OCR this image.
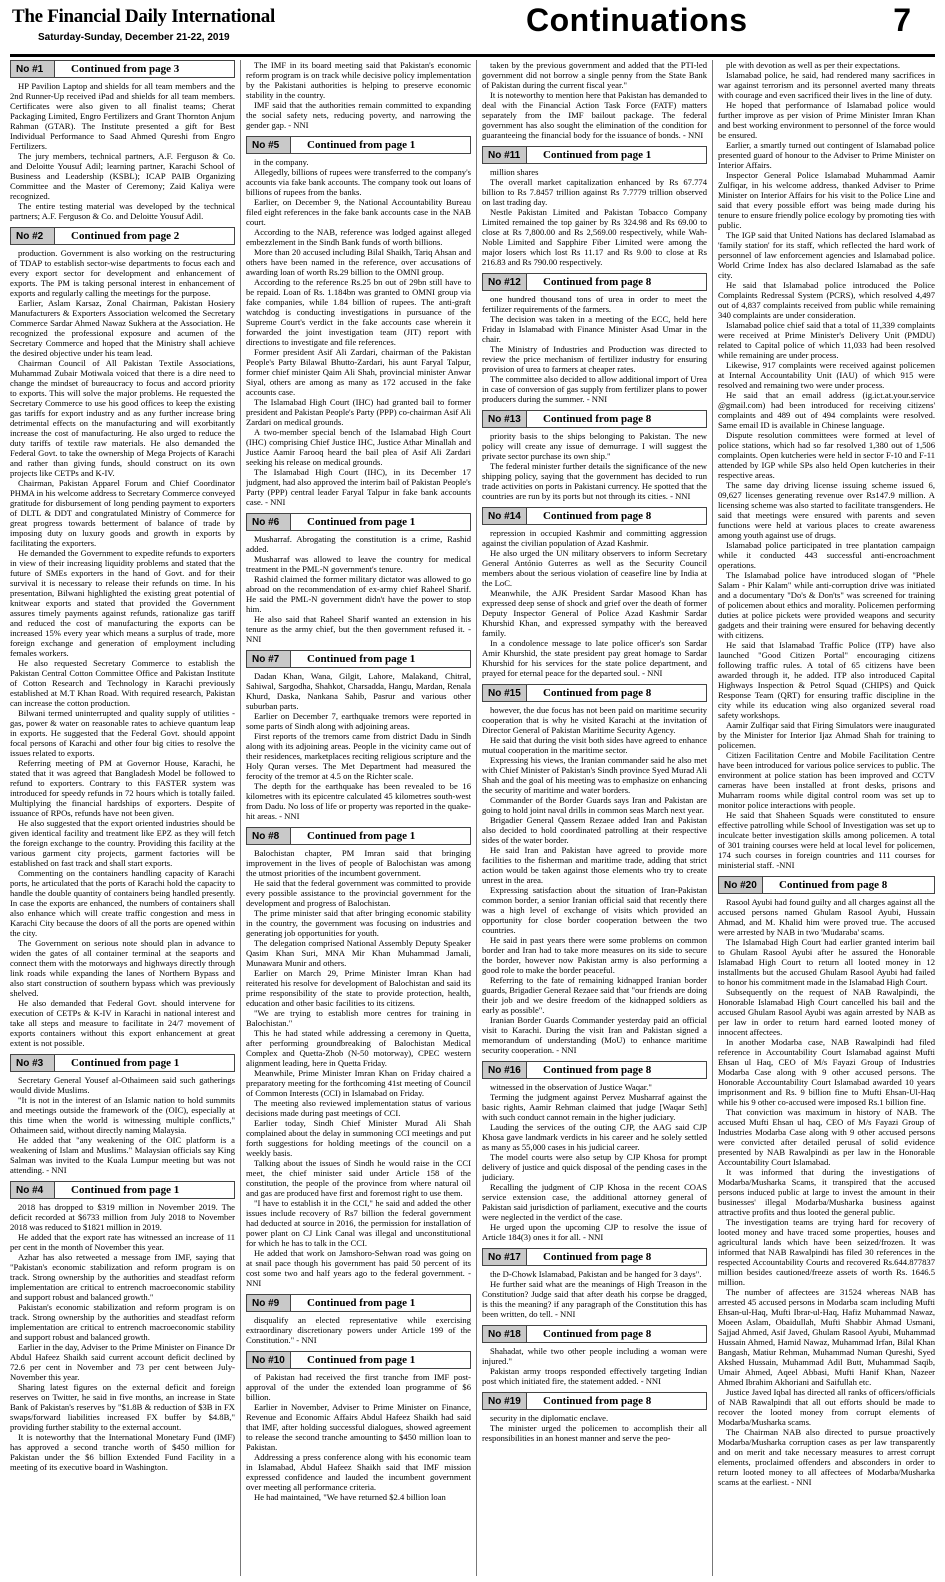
The Financial Daily International
Saturday-Sunday, December 21-22, 2019	Continuations	7
No #1	Continued from page 3

HP Pavilion Laptop and shields for all team members and the 2nd Runner-Up received iPad and shields for all team members. Certificates were also given to all finalist teams; Cherat Packaging Limited, Engro Fertilizers and Grant Thornton Anjum Rahman (GTAR). The Institute presented a gift for Best Individual Performance to Saad Ahmed Qureshi from Engro Fertilizers.

The jury members, technical partners, A.F. Ferguson & Co. and Deloitte Yousuf Adil; learning partner, Karachi School of Business and Leadership (KSBL); ICAP PAIB Organizing Committee and the Master of Ceremony; Zaid Kaliya were recognized.

The entire testing material was developed by the technical partners; A.F. Ferguson & Co. and Deloitte Yousuf Adil.

No #2	Continued from page 2

production. Government is also working on the restructuring of TDAP to establish sector-wise departments to focus each and every export sector for development and enhancement of exports. The PM is taking personal interest in enhancement of exports and regularly calling the meetings for the purpose.

Earlier, Aslam Karsaz, Zonal Chairman, Pakistan Hosiery Manufacturers & Exporters Association welcomed the Secretary Commerce Sardar Ahmed Nawaz Sukhera at the Association. He recognized the professional exposure and acumen of the Secretary Commerce and hoped that the Ministry shall achieve the desired objective under his team lead.

Chairman Council of All Pakistan Textile Associations, Muhammad Zubair Motiwala voiced that there is a dire need to change the mindset of bureaucracy to focus and accord priority to exports. This will solve the major problems. He requested the Secretary Commerce to use his good offices to keep the existing gas tariffs for export industry and as any further increase bring detrimental effects on the manufacturing and will exorbitantly increase the cost of manufacturing. He also urged to reduce the duty tariffs of textile raw materials. He also demanded the Federal Govt. to take the ownership of Mega Projects of Karachi and rather than giving funds, should construct on its own projects like CETPs and K-IV.

Chairman, Pakistan Apparel Forum and Chief Coordinator PHMA in his welcome address to Secretary Commerce conveyed gratitude for disbursement of long pending payment to exporters of DLTL & DDT and congratulated Ministry of Commerce for great progress towards betterment of balance of trade by imposing duty on luxury goods and growth in exports by facilitating the exporters.

He demanded the Government to expedite refunds to exporters in view of their increasing liquidity problems and stated that the future of SMEs exporters in the hand of Govt. and for their survival it is necessary to release their refunds on time. In his presentation, Bilwani highlighted the existing great potential of knitwear exports and stated that provided the Government assures timely payments against refunds, rationalize gas tariff and reduced the cost of manufacturing the exports can be increased 15% every year which means a surplus of trade, more foreign exchange and generation of employment including females workers.

He also requested Secretary Commerce to establish the Pakistan Central Cotton Committee Office and Pakistan Institute of Cotton Research and Technology in Karachi previously established at M.T Khan Road. With required research, Pakistan can increase the cotton production.

Bilwani termed uninterrupted and quality supply of utilities - gas, power & water on reasonable rates to achieve quantum leap in exports. He suggested that the Federal Govt. should appoint focal persons of Karachi and other four big cities to resolve the issues related to exports.

Referring meeting of PM at Governor House, Karachi, he stated that it was agreed that Bangladesh Model be followed to refund to exporters. Contrary to this FASTER system was introduced for speedy refunds in 72 hours which is totally failed. Multiplying the financial hardships of exporters. Despite of issuance of RPOs, refunds have not been given.

He also suggested that the export oriented industries should be given identical facility and treatment like EPZ as they will fetch the foreign exchange to the country. Providing this facility at the various garment city projects, garment factories will be established on fast track and shall start exports.

Commenting on the containers handling capacity of Karachi ports, he articulated that the ports of Karachi hold the capacity to handle the double quantity of containers being handled presently. In case the exports are enhanced, the numbers of containers shall also enhance which will create traffic congestion and mess in Karachi City because the doors of all the ports are opened within the city.

The Government on serious note should plan in advance to widen the gates of all container terminal at the seaports and connect them with the motorways and highways directly through link roads while expanding the lanes of Northern Bypass and also start construction of southern bypass which was previously shelved.

He also demanded that Federal Govt. should intervene for execution of CETPs & K-IV in Karachi in national interest and take all steps and measure to facilitate in 24/7 movement of exports containers without this export enhancement at great extent is not possible.

No #3	Continued from page 1

Secretary General Yousef al-Othaimeen said such gatherings would divide Muslims.

"It is not in the interest of an Islamic nation to hold summits and meetings outside the framework of the (OIC), especially at this time when the world is witnessing multiple conflicts," Othaimeen said, without directly naming Malaysia.

He added that "any weakening of the OIC platform is a weakening of Islam and Muslims." Malaysian officials say King Salman was invited to the Kuala Lumpur meeting but was not attending. - NNI

No #4	Continued from page 1

2018 has dropped to $319 million in November 2019. The deficit recorded at $6733 million from July 2018 to November 2018 was reduced to $1821 million in 2019.

He added that the export rate has witnessed an increase of 11 per cent in the month of November this year.

Azhar has also retweeted a message from IMF, saying that "Pakistan's economic stabilization and reform program is on track. Strong ownership by the authorities and steadfast reform implementation are critical to entrench macroeconomic stability and support robust and balanced growth."

Pakistan's economic stabilization and reform program is on track. Strong ownership by the authorities and steadfast reform implementation are critical to entrench macroeconomic stability and support robust and balanced growth.

Earlier in the day, Adviser to the Prime Minister on Finance Dr Abdul Hafeez Shaikh said current account deficit declined by 72.6 per cent in November and 73 per cent between July-November this year.

Sharing latest figures on the external deficit and foreign reserves on Twitter, he said in five months, an increase in State Bank of Pakistan's reserves by "$1.8B & reduction of $3B in FX swaps/forward liabilities increased FX buffer by $4.8B," providing further stability to the external account.

It is noteworthy that the International Monetary Fund (IMF) has approved a second tranche worth of $450 million for Pakistan under the $6 billion Extended Fund Facility in a meeting of its executive board in Washington.

The IMF in its board meeting said that Pakistan's economic reform program is on track while decisive policy implementation by the Pakistani authorities is helping to preserve economic stability in the country.

IMF said that the authorities remain committed to expanding the social safety nets, reducing poverty, and narrowing the gender gap. - NNI

No #5	Continued from page 1

in the company.

Allegedly, billions of rupees were transferred to the company's accounts via fake bank accounts. The company took out loans of billions of rupees from the banks.

Earlier, on December 9, the National Accountability Bureau filed eight references in the fake bank accounts case in the NAB court.

According to the NAB, reference was lodged against alleged embezzlement in the Sindh Bank funds of worth billions.

More than 20 accused including Bilal Shaikh, Tariq Ahsan and others have been named in the reference, over accusations of awarding loan of worth Rs.29 billion to the OMNI group.

According to the reference Rs.25 bn out of 29bn still have to be repaid. Loan of Rs. 1.184bn was granted to OMNI group via fake companies, while 1.84 billion of rupees. The anti-graft watchdog is conducting investigations in pursuance of the Supreme Court's verdict in the fake accounts case wherein it forwarded the joint investigation team (JIT) report with directions to investigate and file references.

Former president Asif Ali Zardari, chairman of the Pakistan People's Party Bilawal Bhutto-Zardari, his aunt Faryal Talpur, former chief minister Qaim Ali Shah, provincial minister Anwar Siyal, others are among as many as 172 accused in the fake accounts case.

The Islamabad High Court (IHC) had granted bail to former president and Pakistan People's Party (PPP) co-chairman Asif Ali Zardari on medical grounds.

A two-member special bench of the Islamabad High Court (IHC) comprising Chief Justice IHC, Justice Athar Minallah and Justice Aamir Farooq heard the bail plea of Asif Ali Zardari seeking his release on medical grounds.

The Islamabad High Court (IHC), in its December 17 judgment, had also approved the interim bail of Pakistan People's Party (PPP) central leader Faryal Talpur in fake bank accounts case. - NNI

No #6	Continued from page 1

Musharraf. Abrogating the constitution is a crime, Rashid added.

Musharraf was allowed to leave the country for medical treatment in the PML-N government's tenure.

Rashid claimed the former military dictator was allowed to go abroad on the recommendation of ex-army chief Raheel Sharif. He said the PML-N government didn't have the power to stop him.

He also said that Raheel Sharif wanted an extension in his tenure as the army chief, but the then government refused it. - NNI

No #7	Continued from page 1

Dadan Khan, Wana, Gilgit, Lahore, Malakand, Chitral, Sahiwal, Sargodha, Shahkot, Charsadda, Hangu, Mardan, Renala Khurd, Daska, Nankana Sahib, Pasrur and various other suburban parts.

Earlier on December 7, earthquake tremors were reported in some parts of Sindh along with adjoining areas.

First reports of the tremors came from district Dadu in Sindh along with its adjoining areas. People in the vicinity came out of their residences, marketplaces reciting religious scripture and the Holy Quran verses. The Met Department had measured the ferocity of the tremor at 4.5 on the Richter scale.

The depth for the earthquake has been revealed to be 16 kilometres with its epicentre calculated 45 kilometres south-west from Dadu. No loss of life or property was reported in the quake-hit areas. - NNI

No #8	Continued from page 1

Balochistan chapter, PM Imran said that bringing improvement in the lives of people of Balochistan was among the utmost priorities of the incumbent government.

He said that the federal government was committed to provide every possible assistance to the provincial government for the development and progress of Balochistan.

The prime minister said that after bringing economic stability in the country, the government was focusing on industries and generating job opportunities for youth.

The delegation comprised National Assembly Deputy Speaker Qasim Khan Suri, MNA Mir Khan Muhammad Jamali, Munawara Munir and others.

Earlier on March 29, Prime Minister Imran Khan had reiterated his resolve for development of Balochistan and said its prime responsibility of the state to provide protection, health, education and other basic facilities to its citizens.

"We are trying to establish more centres for training in Balochistan."

This he had stated while addressing a ceremony in Quetta, after performing groundbreaking of Balochistan Medical Complex and Quetta-Zhob (N-50 motorway), CPEC western alignment leading, here in Quetta Friday.

Meanwhile, Prime Minister Imran Khan on Friday chaired a preparatory meeting for the forthcoming 41st meeting of Council of Common Interests (CCI) in Islamabad on Friday.

The meeting also reviewed implementation status of various decisions made during past meetings of CCI.

Earlier today, Sindh Chief Minister Murad Ali Shah complained about the delay in summoning CCI meetings and put forth suggestions for holding meetings of the council on a weekly basis.

Talking about the issues of Sindh he would raise in the CCI meet, the chief minister said under Article 158 of the constitution, the people of the province from where natural oil and gas are produced have first and foremost right to use them.

"I have to establish it in the CCI," he said and added the other issues include recovery of Rs7 billion the federal government had deducted at source in 2016, the permission for installation of power plant on CJ Link Canal was illegal and unconstitutional for which he has to talk in the CCI.

He added that work on Jamshoro-Sehwan road was going on at snail pace though his government has paid 50 percent of its cost some two and half years ago to the federal government. - NNI

No #9	Continued from page 1

disqualify an elected representative while exercising extraordinary discretionary powers under Article 199 of the Constitution." - NNI

No #10	Continued from page 1

of Pakistan had received the first tranche from IMF post-approval of the under the extended loan programme of $6 billion.

Earlier in November, Adviser to Prime Minister on Finance, Revenue and Economic Affairs Abdul Hafeez Shaikh had said that IMF, after holding successful dialogues, showed agreement to release the second tranche amounting to $450 million loan to Pakistan.

Addressing a press conference along with his economic team in Islamabad, Abdul Hafeez Shaikh said that IMF mission expressed confidence and lauded the incumbent government over meeting all performance criteria.

He had maintained, "We have returned $2.4 billion loan

taken by the previous government and added that the PTI-led government did not borrow a single penny from the State Bank of Pakistan during the current fiscal year."

It is noteworthy to mention here that Pakistan has demanded to deal with the Financial Action Task Force (FATF) matters separately from the IMF bailout package. The federal government has also sought the elimination of the condition for guaranteeing the financial body for the issuance of bonds. - NNI

No #11	Continued from page 1

million shares

The overall market capitalization enhanced by Rs 67.774 billion to Rs 7.8457 trillion against Rs 7.7779 trillion observed on last trading day.

Nestle Pakistan Limited and Pakistan Tobacco Company Limited remained the top gainer by Rs 324.98 and Rs 69.00 to close at Rs 7,800.00 and Rs 2,569.00 respectively, while Wah-Noble Limited and Sapphire Fiber Limited were among the major losers which lost Rs 11.17 and Rs 9.00 to close at Rs 216.83 and Rs 790.00 respectively.

No #12	Continued from page 8

one hundred thousand tons of urea in order to meet the fertilizer requirements of the farmers.

The decision was taken in a meeting of the ECC, held here Friday in Islamabad with Finance Minister Asad Umar in the chair.

The Ministry of Industries and Production was directed to review the price mechanism of fertilizer industry for ensuring provision of urea to farmers at cheaper rates.

The committee also decided to allow additional import of Urea in case of conversion of gas supply from fertilizer plans to power producers during the summer. - NNI

No #13	Continued from page 8

priority basis to the ships belonging to Pakistan. The new policy will create any issue of demurrage. I will suggest the private sector purchase its own ship."

The federal minister further details the significance of the new shipping policy, saying that the government has decided to run trade activities on ports in Pakistani currency. He spotted that the countries are run by its ports but not through its cities. - NNI

No #14	Continued from page 8

repression in occupied Kashmir and committing aggression against the civilian population of Azad Kashmir.

He also urged the UN military observers to inform Secretary General António Guterres as well as the Security Council members about the serious violation of ceasefire line by India at the LoC.

Meanwhile, the AJK President Sardar Masood Khan has expressed deep sense of shock and grief over the death of former Deputy Inspector General of Police Azad Kashmir Sardar Khurshid Khan, and expressed sympathy with the bereaved family.

In a condolence message to late police officer's son Sardar Amir Khurshid, the state president pay great homage to Sardar Khurshid for his services for the state police department, and prayed for eternal peace for the departed soul. - NNI

No #15	Continued from page 8

however, the due focus has not been paid on maritime security cooperation that is why he visited Karachi at the invitation of Director General of Pakistan Maritime Security Agency.

He said that during the visit both sides have agreed to enhance mutual cooperation in the maritime sector.

Expressing his views, the Iranian commander said he also met with Chief Minister of Pakistan's Sindh province Syed Murad Ali Shah and the goal of his meeting was to emphasize on enhancing the security of maritime and water borders.

Commander of the Border Guards says Iran and Pakistan are going to hold joint naval drills in common seas March next year.

Brigadier General Qassem Rezaee added Iran and Pakistan also decided to hold coordinated patrolling at their respective sides of the water border.

He said Iran and Pakistan have agreed to provide more facilities to the fisherman and maritime trade, adding that strict action would be taken against those elements who try to create unrest in the area.

Expressing satisfaction about the situation of Iran-Pakistan common border, a senior Iranian official said that recently there was a high level of exchange of visits which provided an opportunity for close border cooperation between the two countries.

He said in past years there were some problems on common border and Iran had to take more measures on its side to secure the border, however now Pakistan army is also performing a good role to make the border peaceful.

Referring to the fate of remaining kidnapped Iranian border guards, Brigadier General Rezaee said that "our friends are doing their job and we desire freedom of the kidnapped soldiers as early as possible".

Iranian Border Guards Commander yesterday paid an official visit to Karachi. During the visit Iran and Pakistan signed a memorandum of understanding (MoU) to enhance maritime security cooperation. - NNI

No #16	Continued from page 8

witnessed in the observation of Justice Waqar."

Terming the judgment against Pervez Musharraf against the basic rights, Aamir Rehman claimed that judge [Waqar Seth] with such conduct cannot remain in the higher judiciary.

Lauding the services of the outing CJP, the AAG said CJP Khosa gave landmark verdicts in his career and he solely settled as many as 55,000 cases in his judicial career.

The model courts were also setup by CJP Khosa for prompt delivery of justice and quick disposal of the pending cases in the judiciary.

Recalling the judgment of CJP Khosa in the recent COAS service extension case, the additional attorney general of Pakistan said jurisdiction of parliament, executive and the courts were neglected in the verdict of the case.

He urged upon the upcoming CJP to resolve the issue of Article 184(3) ones it for all. - NNI

No #17	Continued from page 8

the D-Chowk Islamabad, Pakistan and be hanged for 3 days".

He further said what are the meanings of High Treason in the Constitution? Judge said that after death his corpse be dragged, is this the meaning? if any paragraph of the Constitution this has been written, do tell. - NNI

No #18	Continued from page 8

Shahadat, while two other people including a woman were injured."

Pakistan army troops responded effectively targeting Indian post which initiated fire, the statement added. - NNI

No #19	Continued from page 8

security in the diplomatic enclave.

The minister urged the policemen to accomplish their all responsibilities in an honest manner and serve the peo-

ple with devotion as well as per their expectations.

Islamabad police, he said, had rendered many sacrifices in war against terrorism and its personnel averted many threats with courage and even sacrificed their lives in the line of duty.

He hoped that performance of Islamabad police would further improve as per vision of Prime Minister Imran Khan and best working environment to personnel of the force would be ensured.

Earlier, a smartly turned out contingent of Islamabad police presented guard of honour to the Adviser to Prime Minister on Interior Affairs.

Inspector General Police Islamabad Muhammad Aamir Zulfiqar, in his welcome address, thanked Adviser to Prime Minister on Interior Affairs for his visit to the Police Line and said that every possible effort was being made during his tenure to ensure friendly police ecology by promoting ties with public.

The IGP said that United Nations has declared Islamabad as 'family station' for its staff, which reflected the hard work of personnel of law enforcement agencies and Islamabad police. World Crime Index has also declared Islamabad as the safe city.

He said that Islamabad police introduced the Police Complaints Redressal System (PCRS), which resolved 4,497 out of 4,837 complaints received from public while remaining 340 complaints are under consideration.

Islamabad police chief said that a total of 11,339 complaints were received at Prime Minister's Delivery Unit (PMDU) related to Capital police of which 11,033 had been resolved while remaining are under process.

Likewise, 917 complaints were received against policemen at Internal Accountability Unit (IAU) of which 915 were resolved and remaining two were under process.

He said that an email address (ig.ict.at.your.service @gmail.com) had been introduced for receiving citizens' complaints and 489 out of 494 complaints were resolved. Same email ID is available in Chinese language.

Dispute resolution committees were formed at level of police stations, which had so far resolved 1,380 out of 1,506 complaints. Open kutcheries were held in sector F-10 and F-11 attended by IGP while SPs also held Open kutcheries in their respective areas.

The same day driving license issuing scheme issued 6, 09,627 licenses generating revenue over Rs147.9 million. A licensing scheme was also started to facilitate transgenders. He said that meetings were ensured with parents and seven functions were held at various places to create awareness among youth against use of drugs.

Islamabad police participated in tree plantation campaign while it conducted 443 successful anti-encroachment operations.

The Islamabad police have introduced slogan of "Phele Salam - Phir Kalam" while anti-corruption drive was initiated and a documentary "Do's & Don'ts" was screened for training of policemen about ethics and morality. Policemen performing duties at police pickets were provided weapons and security gadgets and their training were ensured for behaving decently with citizens.

He said that Islamabad Traffic Police (ITP) have also launched "Good Citizen Portal" encouraging citizens following traffic rules. A total of 65 citizens have been awarded through it, he added. ITP also introduced Capital Highways Inspection & Petrol Squad (CHIPS) and Quick Response Team (QRT) for ensuring traffic discipline in the city while its education wing also organized several road safety workshops.

Aamir Zulfiqar said that Firing Simulators were inaugurated by the Minister for Interior Ijaz Ahmad Shah for training to policemen.

Citizen Facilitation Centre and Mobile Facilitation Centre have been introduced for various police services to public. The environment at police station has been improved and CCTV cameras have been installed at front desks, prisons and Muharram rooms while digital control room was set up to monitor police interactions with people.

He said that Shaheen Squads were constituted to ensure effective patrolling while School of Investigation was set up to inculcate better investigation skills among policemen. A total of 301 training courses were held at local level for policemen, 174 such courses in foreign countries and 111 courses for ministerial staff. -NNI

No #20	Continued from page 8

Rasool Ayubi had found guilty and all charges against all the accused persons named Ghulam Rasool Ayubi, Hussain Ahmad, and M. Khalid him were proved true. The accused were arrested by NAB in two 'Mudaraba' scams.

The Islamabad High Court had earlier granted interim bail to Ghulam Rasool Ayubi after he assured the Honorable Islamabad High Court to return all looted money in 12 installments but the accused Ghulam Rasool Ayubi had failed to honor his commitment made in the Islamabad High Court.

Subsequently on the request of NAB Rawalpindi, the Honorable Islamabad High Court cancelled his bail and the accused Ghulam Rasool Ayubi was again arrested by NAB as per law in order to return hard earned looted money of innocent affectees.

In another Modarba case, NAB Rawalpindi had filed reference in Accountability Court Islamabad against Mufti Ehsan ul Haq, CEO of M/s Fayazi Group of Industries Modarba Case along with 9 other accused persons. The Honorable Accountability Court Islamabad awarded 10 years imprisonment and Rs. 9 billion fine to Mufti Ehsan-Ul-Haq while his 9 other co-accused were imposed Rs.1 billion fine.

That conviction was maximum in history of NAB. The accused Mufti Ehsan ul haq, CEO of M/s Fayazi Group of Industries Modarba Case along with 9 other accused persons were convicted after detailed perusal of solid evidence presented by NAB Rawalpindi as per law in the Honorable Accountability Court Islamabad.

It was informed that during the investigations of Modarba/Musharka Scams, it transpired that the accused persons induced public at large to invest the amount in their businesses' illegal Modarba/Musharka business against attractive profits and thus looted the general public.

The investigation teams are trying hard for recovery of looted money and have traced some properties, houses and agricultural lands which have been seized/frozen. It was informed that NAB Rawalpindi has filed 30 references in the respected Accountability Courts and recovered Rs.644.877837 million besides cautioned/freeze assets of worth Rs. 1646.5 million.

The number of affectees are 31524 whereas NAB has arrested 45 accused persons in Modarba scam including Mufti Ehsan-ul-Haq, Mufti Ibrar-ul-Haq, Hafiz Muhammad Nawaz, Moeen Aslam, Obaidullah, Mufti Shabbir Ahmad Usmani, Sajjad Ahmed, Asif Javed, Ghulam Rasool Ayubi, Muhammad Hussain Ahmed, Hamid Nawaz, Muhammad Irfan, Bilal Khan Bangash, Matiur Rehman, Muhammad Numan Qureshi, Syed Akshed Hussain, Muhammad Adil Butt, Muhammad Saqib, Umair Ahmed, Aqeel Abbasi, Mufti Hanif Khan, Nazeer Ahmed Ibrahim Akhoriani and Saifullah etc.

Justice Javed Iqbal has directed all ranks of officers/officials of NAB Rawalpindi that all out efforts should be made to recover the looted money from corrupt elements of Modarba/Musharka scams.

The Chairman NAB also directed to pursue proactively Modarba/Musharka corruption cases as per law transparently and on merit and take necessary measures to arrest corrupt elements, proclaimed offenders and absconders in order to return looted money to all affectees of Modarba/Musharka scams at the earliest. - NNI
